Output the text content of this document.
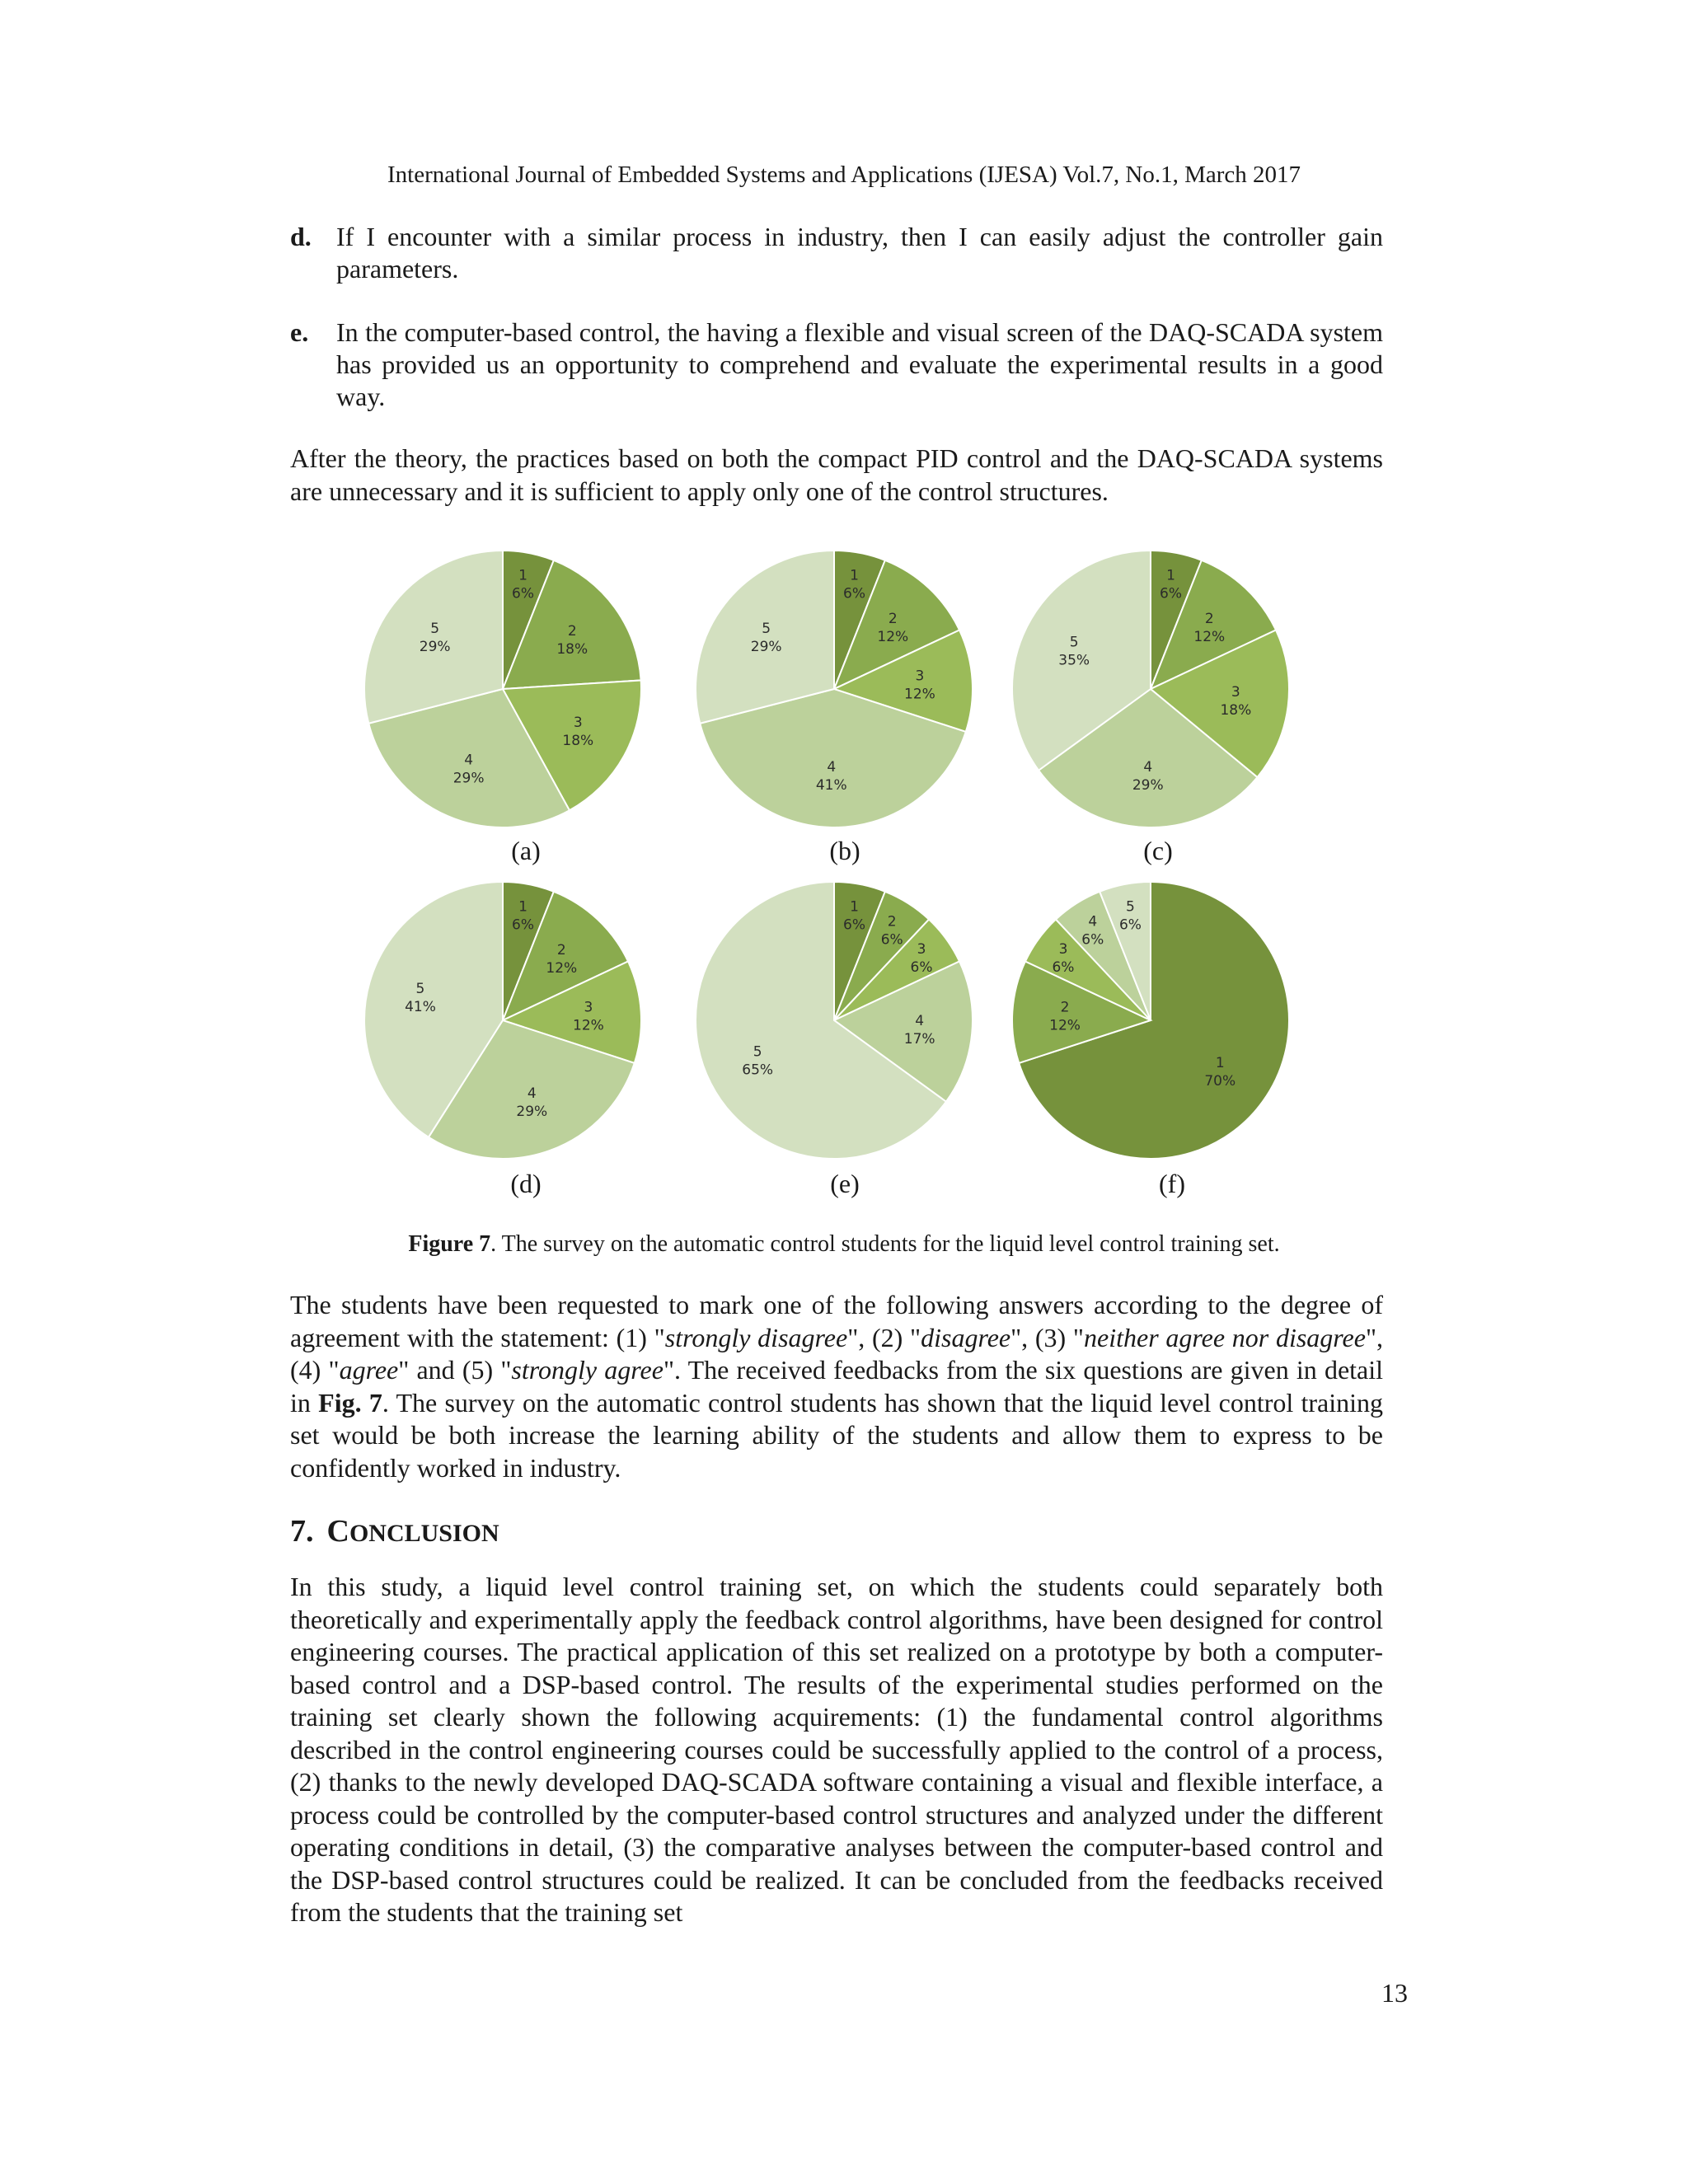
International Journal of Embedded Systems and Applications (IJESA) Vol.7, No.1, March 2017
d. If I encounter with a similar process in industry, then I can easily adjust the controller gain parameters.
e. In the computer-based control, the having a flexible and visual screen of the DAQ-SCADA system has provided us an opportunity to comprehend and evaluate the experimental results in a good way.

After the theory, the practices based on both the compact PID control and the DAQ-SCADA systems are unnecessary and it is sufficient to apply only one of the control structures.

1
6%
2
18%
3
18%
4
29%
5
29%
1
6%
2
12%
3
12%
4
41%
5
29%
1
6%
2
12%
3
18%
4
29%
5
35%
1
6%
2
12%
3
12%
4
29%
5
41%
1
6% 2
6%
3
6%
4
17%
5
65%	1
70%
2
12%
3
6%
4
6%
5
6%
(a)	(b)	(c)
(d)	(e)	(f)
Figure 7. The survey on the automatic control students for the liquid level control training set.

The students have been requested to mark one of the following answers according to the degree of agreement with the statement: (1) "strongly disagree", (2) "disagree", (3) "neither agree nor disagree", (4) "agree" and (5) "strongly agree". The received feedbacks from the six questions are given in detail in Fig. 7. The survey on the automatic control students has shown that the liquid level control training set would be both increase the learning ability of the students and allow them to express to be confidently worked in industry.

7. CONCLUSION

In this study, a liquid level control training set, on which the students could separately both theoretically and experimentally apply the feedback control algorithms, have been designed for control engineering courses. The practical application of this set realized on a prototype by both a computer-based control and a DSP-based control. The results of the experimental studies performed on the training set clearly shown the following acquirements: (1) the fundamental control algorithms described in the control engineering courses could be successfully applied to the control of a process, (2) thanks to the newly developed DAQ-SCADA software containing a visual and flexible interface, a process could be controlled by the computer-based control structures and analyzed under the different operating conditions in detail, (3) the comparative analyses between the computer-based control and the DSP-based control structures could be realized. It can be concluded from the feedbacks received from the students that the training set

13
